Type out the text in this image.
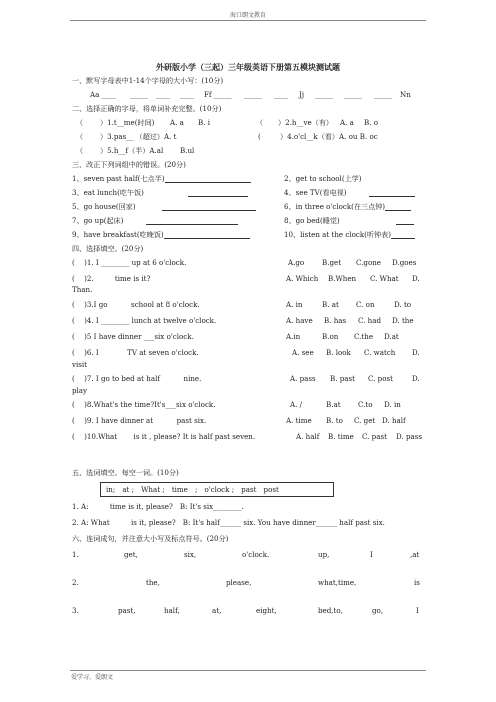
海口朗文教育
外研版小学（三起）三年级英语下册第五模块测试题
一、默写字母表中1-14个字母的大小写：(10分)
Aa ____ _____ ____ ____ Ff _____ _____ ____ Jj _____ _____ _____ Nn
二、选择正确的字母，将单词补充完整。(10分)
（ ）1.t__me(时间) A. a B. i	（ ）2.h__ve（有） A. a B. o
（ ）3.pas__ （超过）A. t	(	）4.o'cl__k（看）A. ou B. oc
（ ）5.h__f（半）A.al B.ul
三、改正下列词组中的错误。(20分)
1、seven past half(七点半)	2、get to school(上学)
3、eat lunch(吃午饭)	4、see TV(看电视)
5、go house(回家)	6、in three o'clock(在三点钟)
7、go up(起床)	8、go bed(睡觉)
9、have breakfast(吃晚饭)	10、listen at the clock(听钟表)
四、选择填空。(20分)
(　 )1. I ________ up at 6 o'clock.	A.go	B.get C.gone D.goes
(　 )2.　　　time is it?	A. Which B.When C. What D.
Than.
(　 )3.I go　　　 school at 8 o'clock.	A. in	B. at C. on	D. to
(　 )4. I ________ lunch at twelve o'clock.	A. have B. has C. had D. the
(　 )5 I have dinner ___six o'clock.	A.in	B.on C.the D.at
(　 )6. I　　　　TV at seven o'clock.	A. see B. look C. watch D.
visit
(　 )7. I go to bed at half　　　 nine.	A. pass B. past C. post	D.
play
(　 )8.What's the time?It's___six o'clock.	A. /	B.at C.to D. in
(　 )9. I have dinner at　　　 past six.	A. time B. to C. get D. half
(　 )10.What　　 is it , please? It is half past seven.	A. half B. time C. past D. pass
五、选词填空。每空一词。(10分)
in;　at ;　What ;　time　;　o'clock ;　past　post
1. A:　　　time is it, please?　B: It's six________.
2. A: What　　　is it, please?　B: It's half______ six. You have dinner______ half past six.
六、连词成句，并注意大小写及标点符号。(20分)
1.	get,	six,	o'clock.	up,	I	,at
2.	the,	please,	what,time,	is
3.	past,	half,	at,	eight,	bed,to,	go,	I
爱学习，爱朗文
